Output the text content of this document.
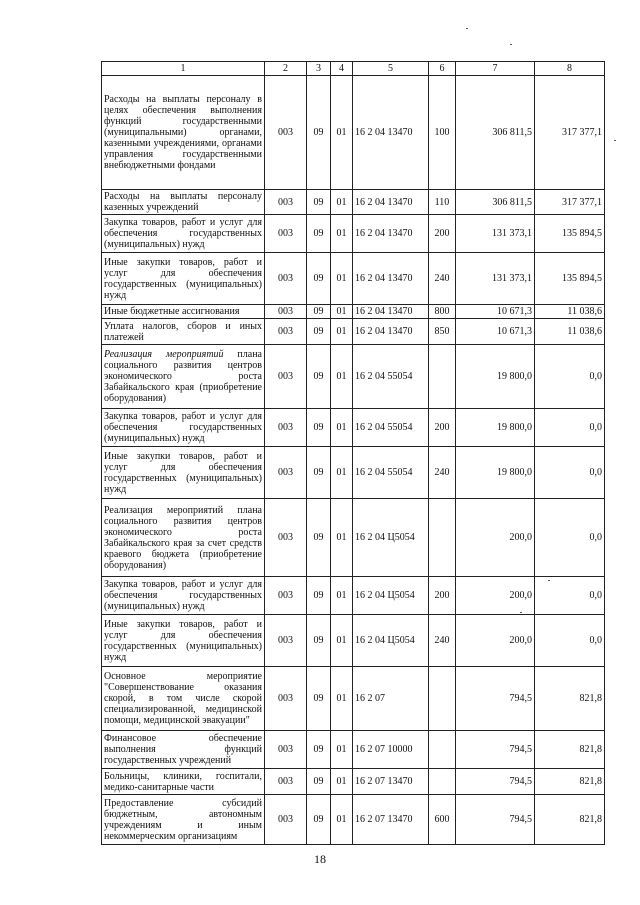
1	2	3	4	5	6	7	8
Расходы на выплаты персоналу в целях обеспечения выполнения функций государственными (муниципальными) органами, казенными учреждениями, органами управления государственными внебюджетными фондами	003	09	01	16 2 04 13470	100	306 811,5	317 377,1
Расходы на выплаты персоналу казенных учреждений	003	09	01	16 2 04 13470	110	306 811,5	317 377,1
Закупка товаров, работ и услуг для обеспечения государственных (муниципальных) нужд	003	09	01	16 2 04 13470	200	131 373,1	135 894,5
Иные закупки товаров, работ и услуг для обеспечения государственных (муниципальных) нужд	003	09	01	16 2 04 13470	240	131 373,1	135 894,5
Иные бюджетные ассигнования	003	09	01	16 2 04 13470	800	10 671,3	11 038,6
Уплата налогов, сборов и иных платежей	003	09	01	16 2 04 13470	850	10 671,3	11 038,6
Реализация мероприятий плана социального развития центров экономического роста Забайкальского края (приобретение оборудования)	003	09	01	16 2 04 55054		19 800,0	0,0
Закупка товаров, работ и услуг для обеспечения государственных (муниципальных) нужд	003	09	01	16 2 04 55054	200	19 800,0	0,0
Иные закупки товаров, работ и услуг для обеспечения государственных (муниципальных) нужд	003	09	01	16 2 04 55054	240	19 800,0	0,0
Реализация мероприятий плана социального развития центров экономического роста Забайкальского края за счет средств краевого бюджета (приобретение оборудования)	003	09	01	16 2 04 Ц5054		200,0	0,0
Закупка товаров, работ и услуг для обеспечения государственных (муниципальных) нужд	003	09	01	16 2 04 Ц5054	200	200,0	0,0
Иные закупки товаров, работ и услуг для обеспечения государственных (муниципальных) нужд	003	09	01	16 2 04 Ц5054	240	200,0	0,0
Основное мероприятие "Совершенствование оказания скорой, в том числе скорой специализированной, медицинской помощи, медицинской эвакуации"	003	09	01	16 2 07		794,5	821,8
Финансовое обеспечение выполнения функций государственных учреждений	003	09	01	16 2 07 10000		794,5	821,8
Больницы, клиники, госпитали, медико-санитарные части	003	09	01	16 2 07 13470		794,5	821,8
Предоставление субсидий бюджетным, автономным учреждениям и иным некоммерческим организациям	003	09	01	16 2 07 13470	600	794,5	821,8
18
